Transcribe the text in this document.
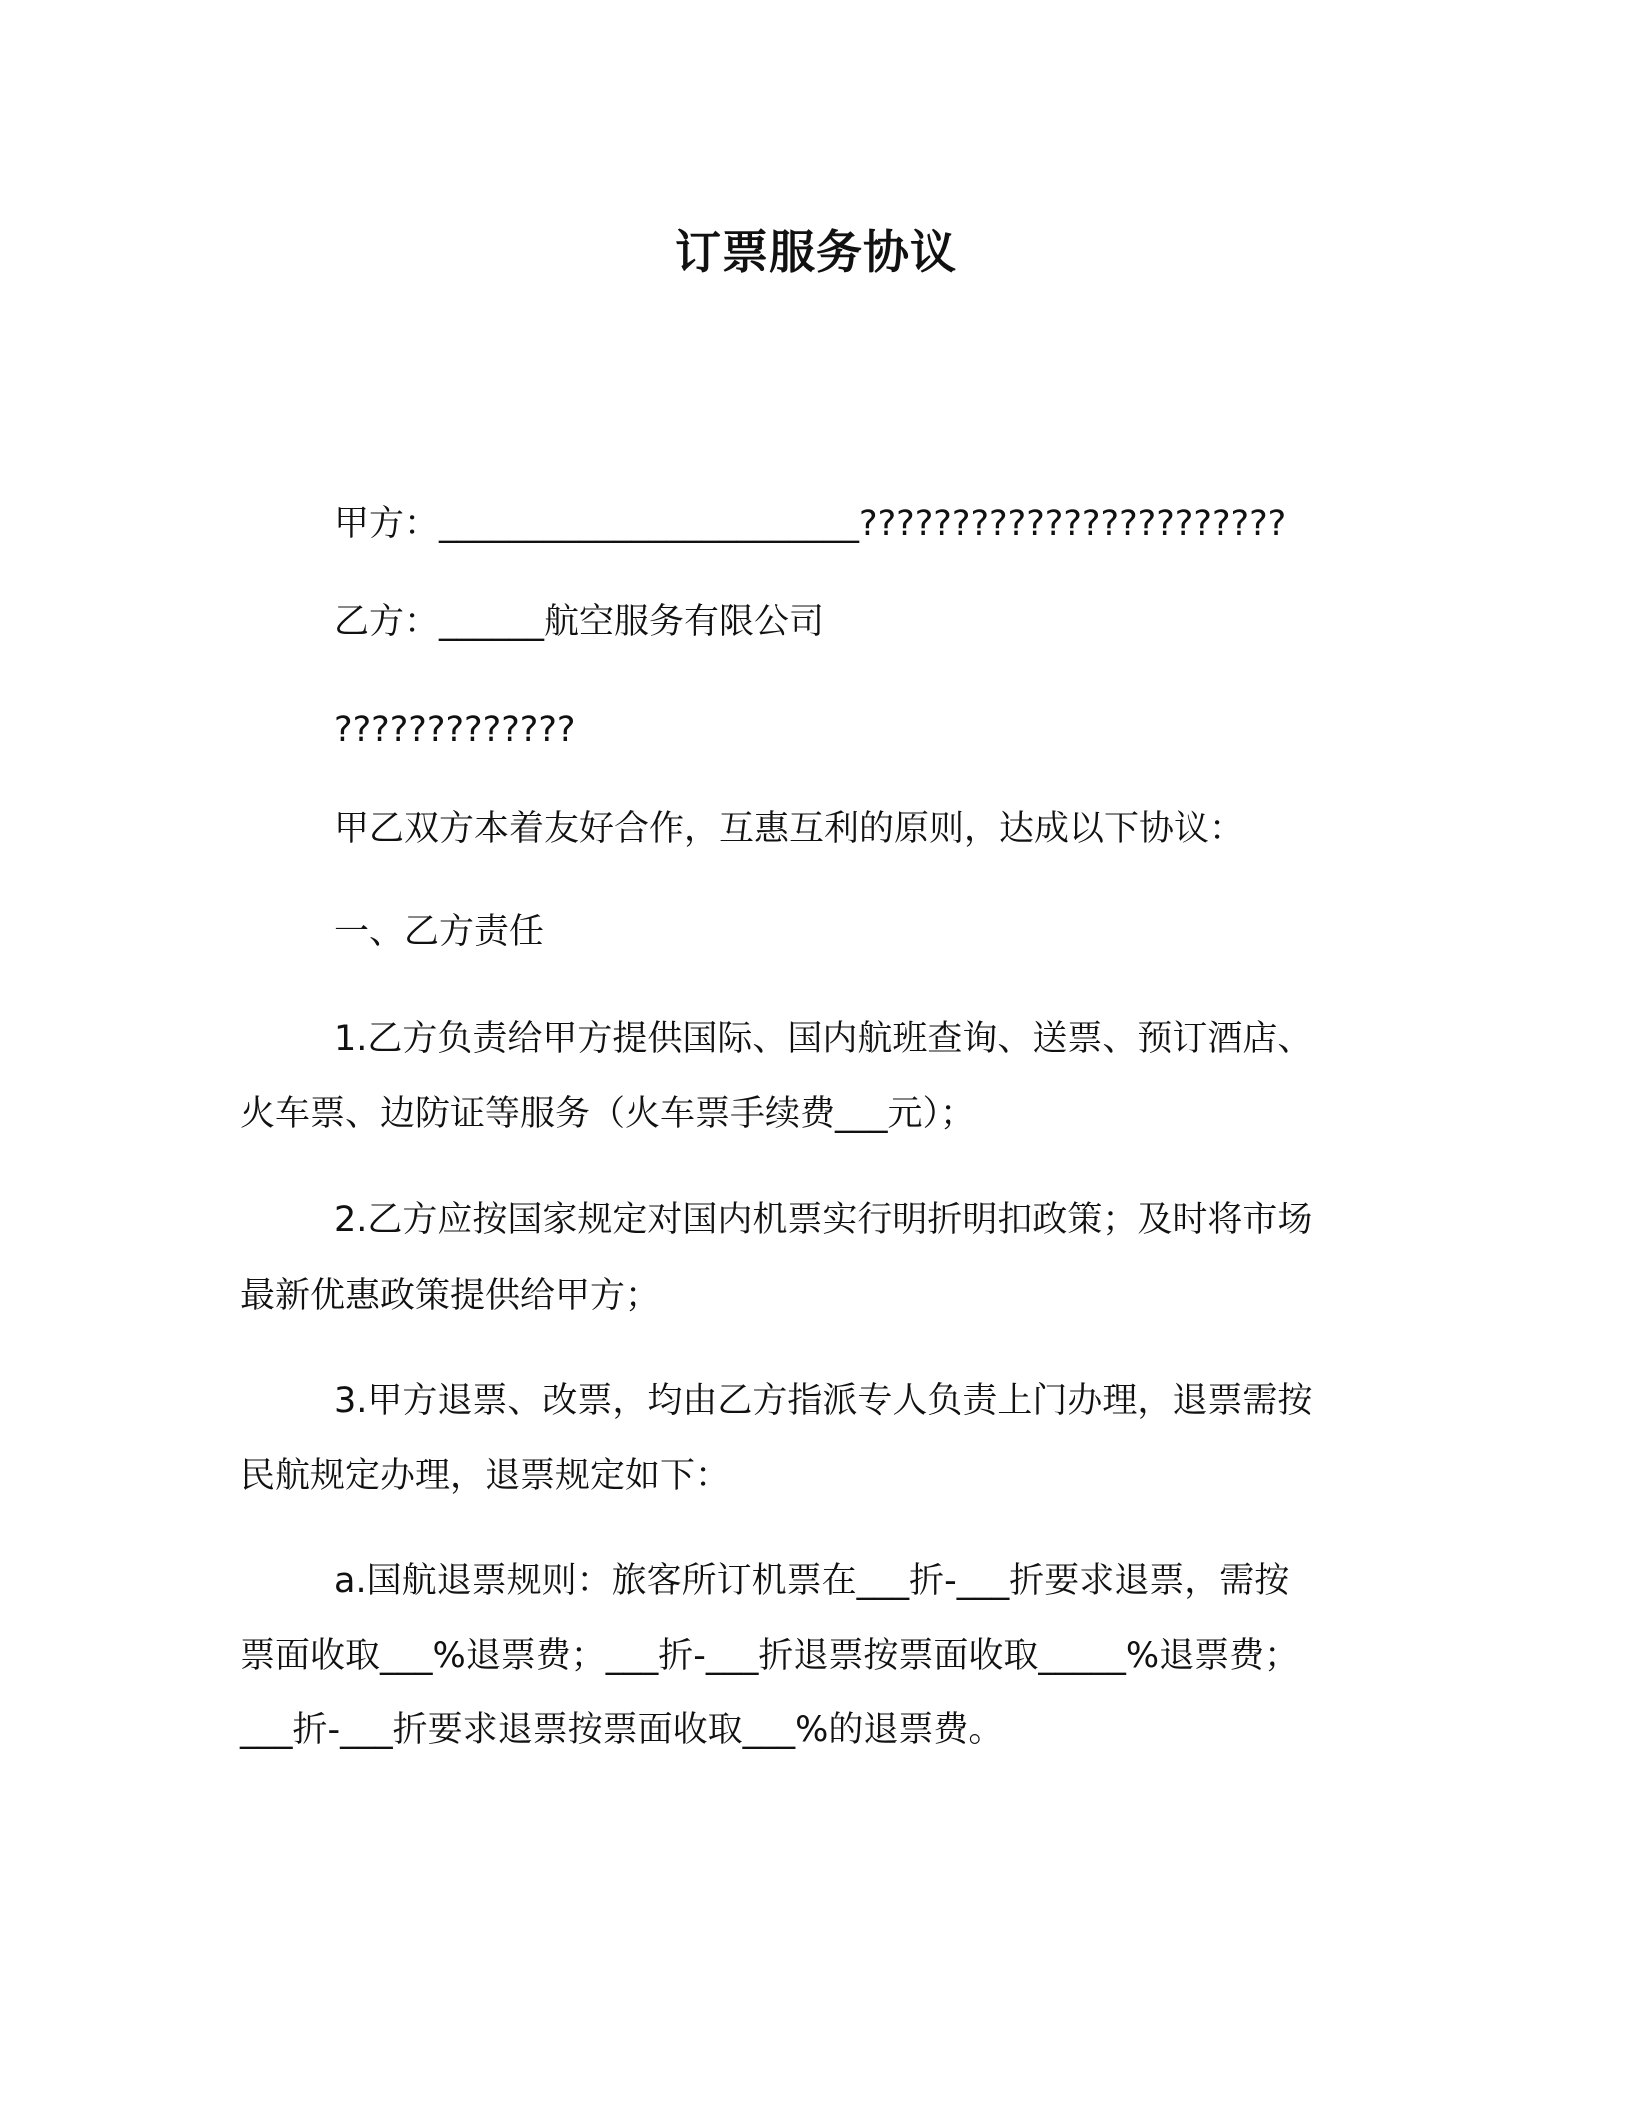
订票服务协议
甲方：________________________???????????????????????
乙方：______航空服务有限公司
?????????????
甲乙双方本着友好合作，互惠互利的原则，达成以下协议：
一、乙方责任
1.乙方负责给甲方提供国际、国内航班查询、送票、预订酒店、
火车票、边防证等服务（火车票手续费___元）；
2.乙方应按国家规定对国内机票实行明折明扣政策；及时将市场
最新优惠政策提供给甲方；
3.甲方退票、改票，均由乙方指派专人负责上门办理，退票需按
民航规定办理，退票规定如下：
a.国航退票规则：旅客所订机票在___折-___折要求退票，需按
票面收取___%退票费；___折-___折退票按票面收取_____%退票费；
___折-___折要求退票按票面收取___%的退票费。
